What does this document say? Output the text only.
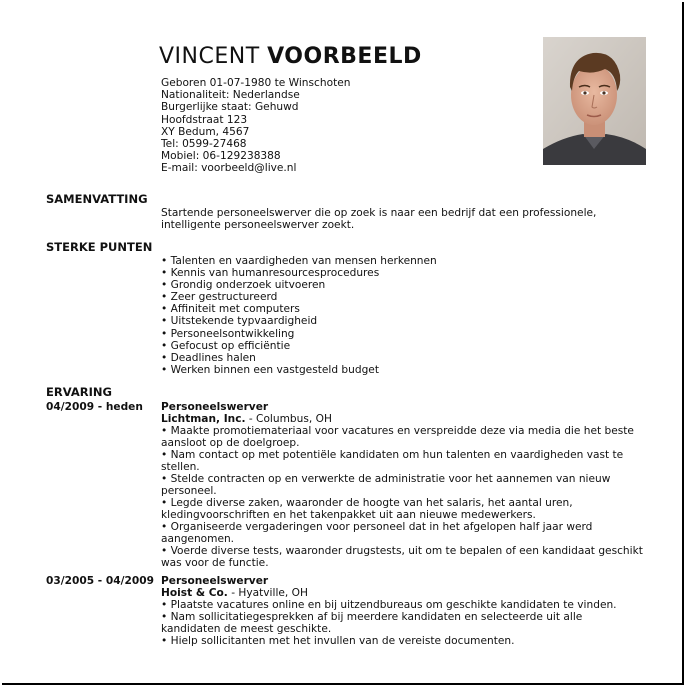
VINCENT VOORBEELD
Geboren 01-07-1980 te Winschoten
Nationaliteit: Nederlandse
Burgerlijke staat: Gehuwd
Hoofdstraat 123
XY Bedum, 4567
Tel: 0599-27468
Mobiel: 06-129238388
E-mail: voorbeeld@live.nl
SAMENVATTING
Startende personeelswerver die op zoek is naar een bedrijf dat een professionele,
intelligente personeelswerver zoekt.
STERKE PUNTEN
• Talenten en vaardigheden van mensen herkennen
• Kennis van humanresourcesprocedures
• Grondig onderzoek uitvoeren
• Zeer gestructureerd
• Affiniteit met computers
• Uitstekende typvaardigheid
• Personeelsontwikkeling
• Gefocust op efficiëntie
• Deadlines halen
• Werken binnen een vastgesteld budget
ERVARING
04/2009 - heden Personeelswerver
Lichtman, Inc. - Columbus, OH
• Maakte promotiemateriaal voor vacatures en verspreidde deze via media die het beste
aansloot op de doelgroep.
• Nam contact op met potentiële kandidaten om hun talenten en vaardigheden vast te
stellen.
• Stelde contracten op en verwerkte de administratie voor het aannemen van nieuw
personeel.
• Legde diverse zaken, waaronder de hoogte van het salaris, het aantal uren,
kledingvoorschriften en het takenpakket uit aan nieuwe medewerkers.
• Organiseerde vergaderingen voor personeel dat in het afgelopen half jaar werd
aangenomen.
• Voerde diverse tests, waaronder drugstests, uit om te bepalen of een kandidaat geschikt
was voor de functie.
03/2005 - 04/2009 Personeelswerver
Hoist & Co. - Hyatville, OH
• Plaatste vacatures online en bij uitzendbureaus om geschikte kandidaten te vinden.
• Nam sollicitatiegesprekken af bij meerdere kandidaten en selecteerde uit alle
kandidaten de meest geschikte.
• Hielp sollicitanten met het invullen van de vereiste documenten.
